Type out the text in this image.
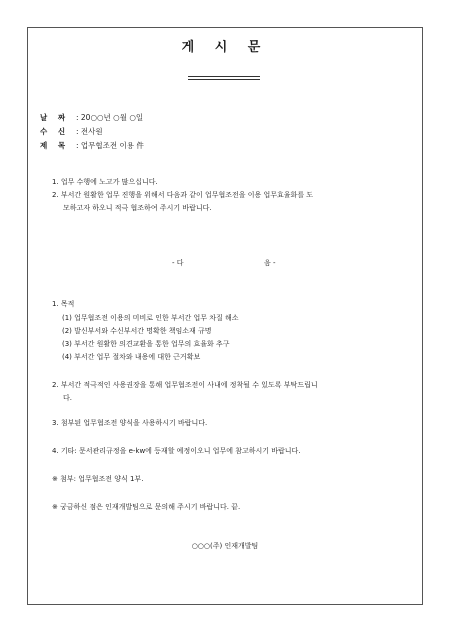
게 시 문
날 짜 : 20○○년 ○월 ○일
수 신 : 전사원
제 목 : 업무협조전 이용 件
1. 업무 수행에 노고가 많으십니다.
2. 부서간 원활한 업무 진행을 위해서 다음과 같이 업무협조전을 이용 업무효율화를 도
모하고자 하오니 적극 협조하여 주시기 바랍니다.
- 다	음 -
1. 목적
(1) 업무협조전 이용의 미비로 인한 부서간 업무 차질 해소
(2) 발신부서와 수신부서간 명확한 책임소재 규명
(3) 부서간 원활한 의견교환을 통한 업무의 효율화 추구
(4) 부서간 업무 절차와 내용에 대한 근거확보
2. 부서간 적극적인 사용권장을 통해 업무협조전이 사내에 정착될 수 있도록 부탁드립니
다.
3. 첨부된 업무협조전 양식을 사용하시기 바랍니다.
4. 기타: 문서관리규정을 e-kw에 등재할 예정이오니 업무에 참고하시기 바랍니다.
※ 첨부: 업무협조전 양식 1부.
※ 궁금하신 점은 인재개발팀으로 문의해 주시기 바랍니다. 끝.
○○○(주) 인재개발팀
